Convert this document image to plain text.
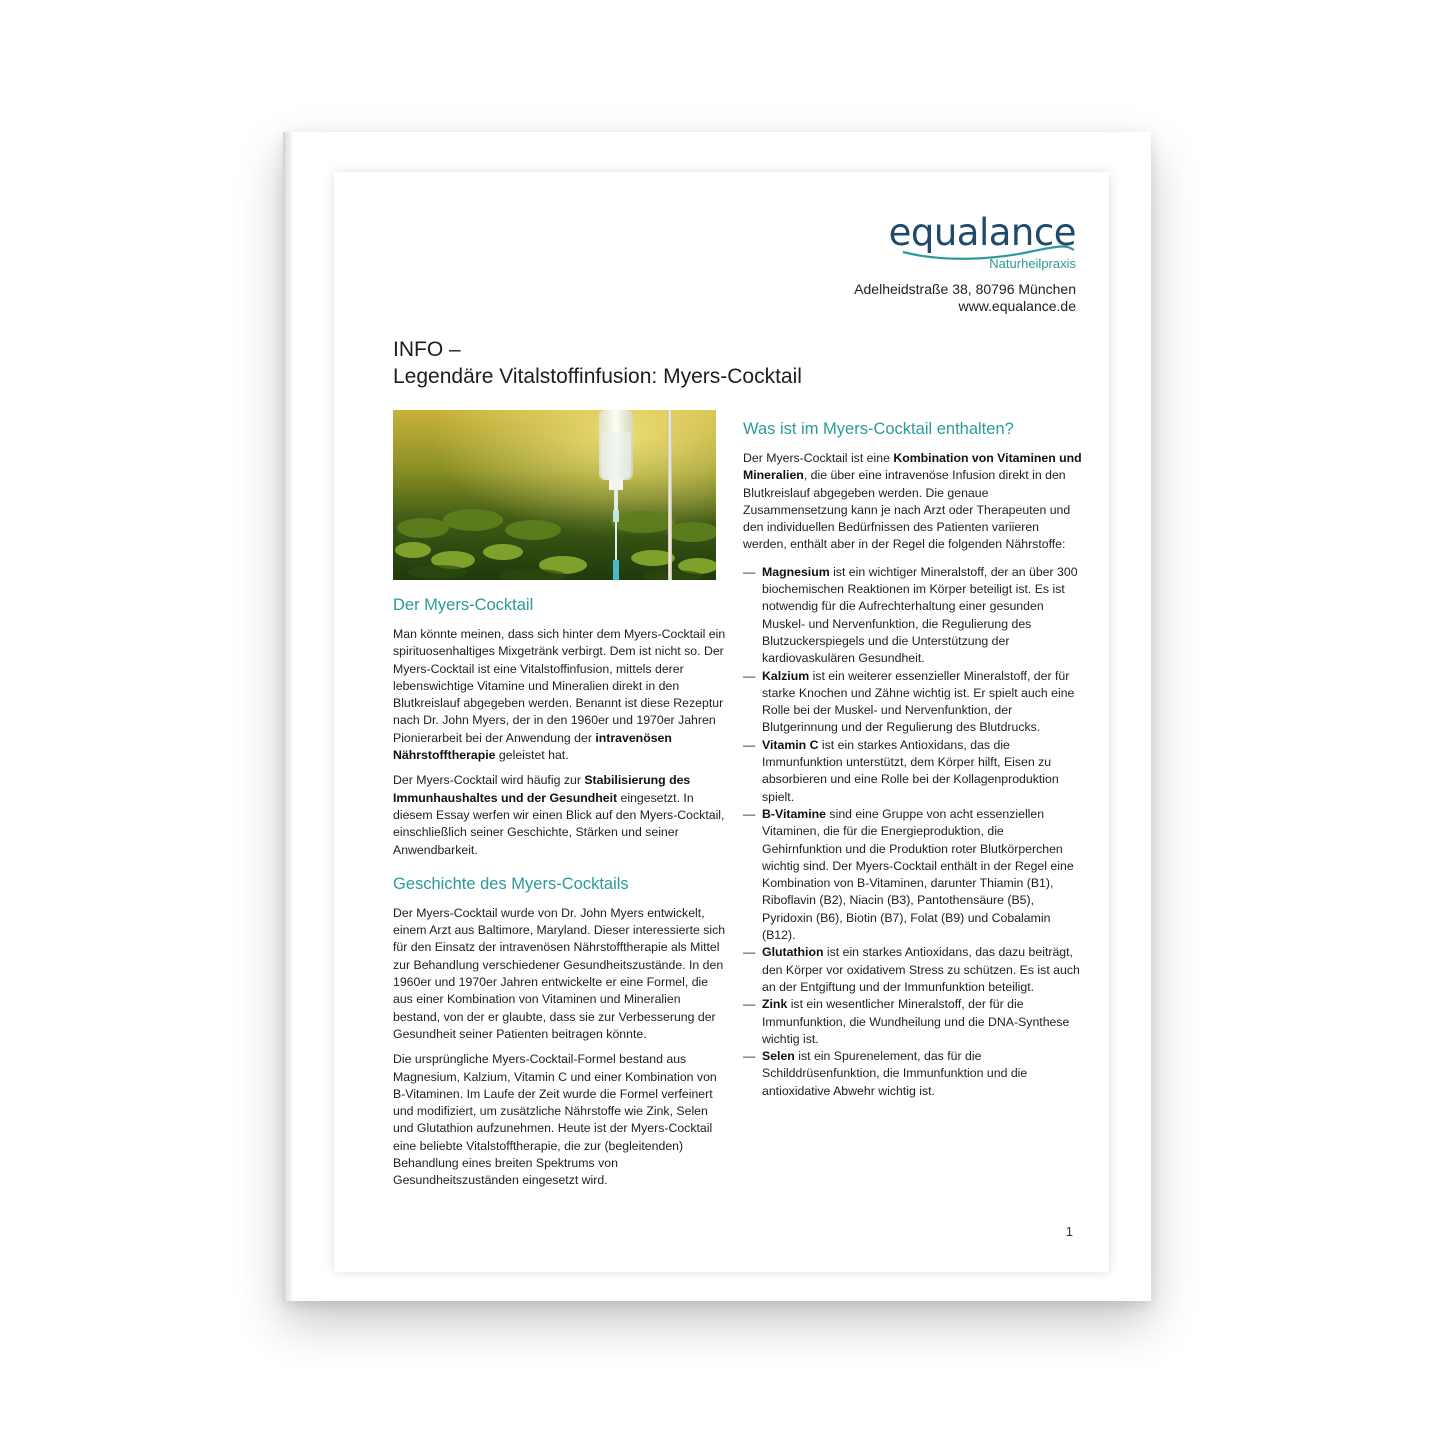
equalance
Naturheilpraxis
Adelheidstraße 38, 80796 München
www.equalance.de
INFO –
Legendäre Vitalstoffinfusion: Myers-Cocktail
Der Myers-Cocktail

Man könnte meinen, dass sich hinter dem Myers-Cocktail ein spirituosenhaltiges Mixgetränk verbirgt. Dem ist nicht so. Der Myers-Cocktail ist eine Vitalstoffinfusion, mittels derer lebenswichtige Vitamine und Mineralien direkt in den Blutkreislauf abgegeben werden. Benannt ist diese Rezeptur nach Dr. John Myers, der in den 1960er und 1970er Jahren Pionierarbeit bei der Anwendung der intravenösen Nährstofftherapie geleistet hat.

Der Myers-Cocktail wird häufig zur Stabilisierung des Immunhaushaltes und der Gesundheit eingesetzt. In diesem Essay werfen wir einen Blick auf den Myers-Cocktail, einschließlich seiner Geschichte, Stärken und seiner Anwendbarkeit.

Geschichte des Myers-Cocktails

Der Myers-Cocktail wurde von Dr. John Myers entwickelt, einem Arzt aus Baltimore, Maryland. Dieser interessierte sich für den Einsatz der intravenösen Nährstofftherapie als Mittel zur Behandlung verschiedener Gesundheitszustände. In den 1960er und 1970er Jahren entwickelte er eine Formel, die aus einer Kombination von Vitaminen und Mineralien bestand, von der er glaubte, dass sie zur Verbesserung der Gesundheit seiner Patienten beitragen könnte.

Die ursprüngliche Myers-Cocktail-Formel bestand aus Magnesium, Kalzium, Vitamin C und einer Kombination von B-Vitaminen. Im Laufe der Zeit wurde die Formel verfeinert und modifiziert, um zusätzliche Nährstoffe wie Zink, Selen und Glutathion aufzunehmen. Heute ist der Myers-Cocktail eine beliebte Vitalstofftherapie, die zur (begleitenden) Behandlung eines breiten Spektrums von Gesundheitszuständen eingesetzt wird.

Was ist im Myers-Cocktail enthalten?

Der Myers-Cocktail ist eine Kombination von Vitaminen und Mineralien, die über eine intravenöse Infusion direkt in den Blutkreislauf abgegeben werden. Die genaue Zusammensetzung kann je nach Arzt oder Therapeuten und den individuellen Bedürfnissen des Patienten variieren werden, enthält aber in der Regel die folgenden Nährstoffe:

— Magnesium ist ein wichtiger Mineralstoff, der an über 300 biochemischen Reaktionen im Körper beteiligt ist. Es ist notwendig für die Aufrechterhaltung einer gesunden Muskel- und Nervenfunktion, die Regulierung des Blutzuckerspiegels und die Unterstützung der kardiovaskulären Gesundheit.
— Kalzium ist ein weiterer essenzieller Mineralstoff, der für starke Knochen und Zähne wichtig ist. Er spielt auch eine Rolle bei der Muskel- und Nervenfunktion, der Blutgerinnung und der Regulierung des Blutdrucks.
— Vitamin C ist ein starkes Antioxidans, das die Immunfunktion unterstützt, dem Körper hilft, Eisen zu absorbieren und eine Rolle bei der Kollagenproduktion spielt.
— B-Vitamine sind eine Gruppe von acht essenziellen Vitaminen, die für die Energieproduktion, die Gehirnfunktion und die Produktion roter Blutkörperchen wichtig sind. Der Myers-Cocktail enthält in der Regel eine Kombination von B-Vitaminen, darunter Thiamin (B1), Riboflavin (B2), Niacin (B3), Pantothensäure (B5), Pyridoxin (B6), Biotin (B7), Folat (B9) und Cobalamin (B12).
— Glutathion ist ein starkes Antioxidans, das dazu beiträgt, den Körper vor oxidativem Stress zu schützen. Es ist auch an der Entgiftung und der Immunfunktion beteiligt.
— Zink ist ein wesentlicher Mineralstoff, der für die Immunfunktion, die Wundheilung und die DNA-Synthese wichtig ist.
— Selen ist ein Spurenelement, das für die Schilddrüsenfunktion, die Immunfunktion und die antioxidative Abwehr wichtig ist.
1
